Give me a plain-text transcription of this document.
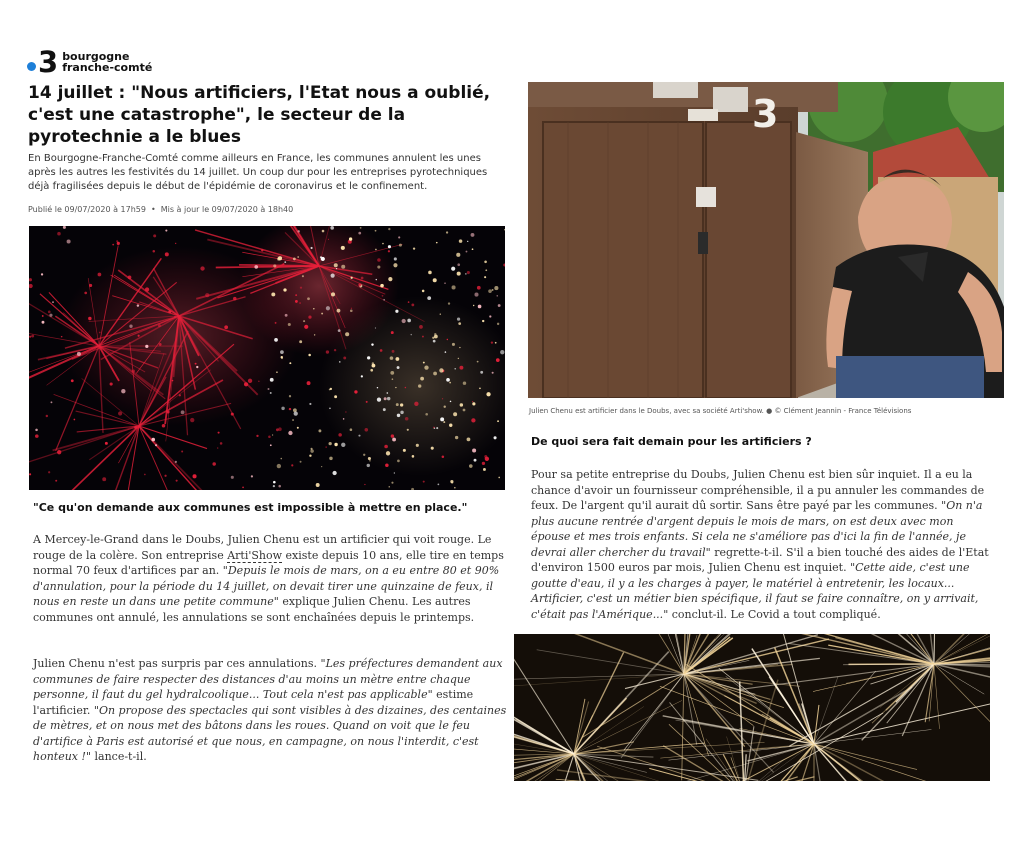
3 bourgogne
franche-comté
14 juillet : "Nous artificiers, l'Etat nous a oublié, c'est une catastrophe", le secteur de la pyrotechnie a le blues

En Bourgogne-Franche-Comté comme ailleurs en France, les communes annulent les unes après les autres les festivités du 14 juillet. Un coup dur pour les entreprises pyrotechniques déjà fragilisées depuis le début de l'épidémie de coronavirus et le confinement.

Publié le 09/07/2020 à 17h59 • Mis à jour le 09/07/2020 à 18h40

"Ce qu'on demande aux communes est impossible à mettre en place."

A Mercey-le-Grand dans le Doubs, Julien Chenu est un artificier qui voit rouge. Le rouge de la colère. Son entreprise Arti'Show existe depuis 10 ans, elle tire en temps normal 70 feux d'artifices par an. "Depuis le mois de mars, on a eu entre 80 et 90% d'annulation, pour la période du 14 juillet, on devait tirer une quinzaine de feux, il nous en reste un dans une petite commune" explique Julien Chenu. Les autres communes ont annulé, les annulations se sont enchaînées depuis le printemps.

Julien Chenu n'est pas surpris par ces annulations. "Les préfectures demandent aux communes de faire respecter des distances d'au moins un mètre entre chaque personne, il faut du gel hydralcoolique... Tout cela n'est pas applicable" estime l'artificier. "On propose des spectacles qui sont visibles à des dizaines, des centaines de mètres, et on nous met des bâtons dans les roues. Quand on voit que le feu d'artifice à Paris est autorisé et que nous, en campagne, on nous l'interdit, c'est honteux !" lance-t-il.

3
Julien Chenu est artificier dans le Doubs, avec sa société Arti'show. ● © Clément Jeannin - France Télévisions
De quoi sera fait demain pour les artificiers ?

Pour sa petite entreprise du Doubs, Julien Chenu est bien sûr inquiet. Il a eu la chance d'avoir un fournisseur compréhensible, il a pu annuler les commandes de feux. De l'argent qu'il aurait dû sortir. Sans être payé par les communes. "On n'a plus aucune rentrée d'argent depuis le mois de mars, on est deux avec mon épouse et mes trois enfants. Si cela ne s'améliore pas d'ici la fin de l'année, je devrai aller chercher du travail" regrette-t-il. S'il a bien touché des aides de l'Etat d'environ 1500 euros par mois, Julien Chenu est inquiet. "Cette aide, c'est une goutte d'eau, il y a les charges à payer, le matériel à entretenir, les locaux... Artificier, c'est un métier bien spécifique, il faut se faire connaître, on y arrivait, c'était pas l'Amérique..." conclut-il. Le Covid a tout compliqué.
